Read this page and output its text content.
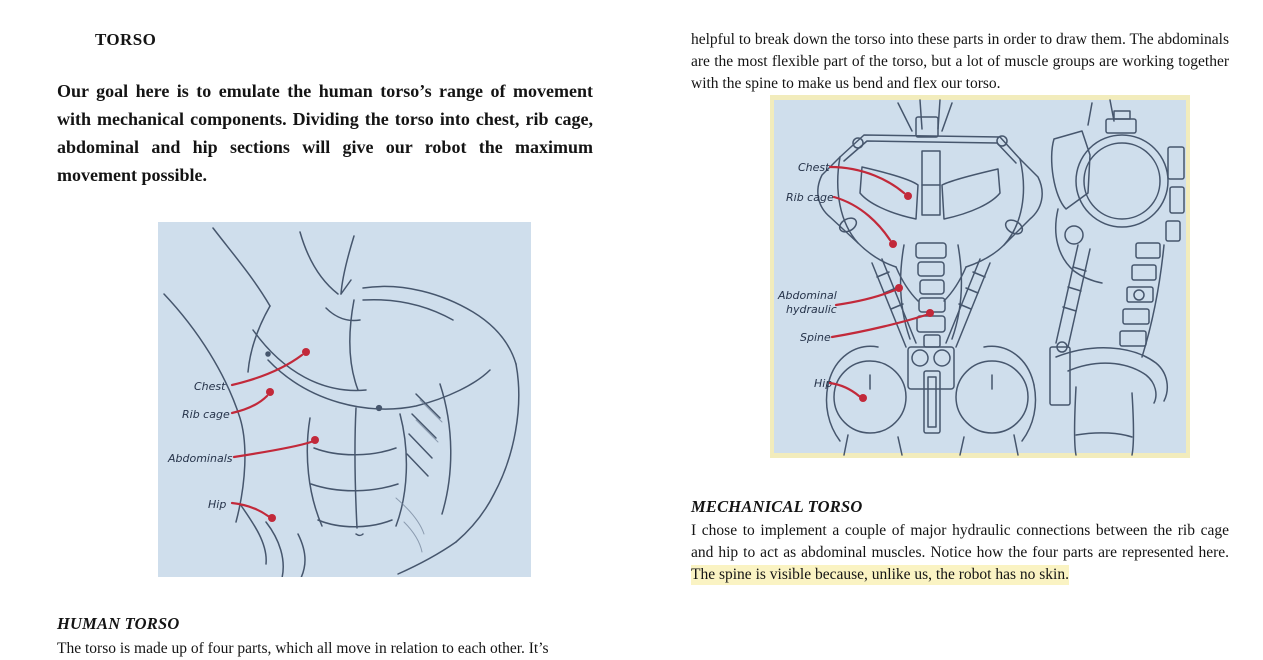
TORSO

Our goal here is to emulate the human torso’s range of movement with mechanical components. Dividing the torso into chest, rib cage, abdominal and hip sections will give our robot the maximum movement possible.

Chest
Rib cage
Abdominals
Hip
HUMAN TORSO

The torso is made up of four parts, which all move in relation to each other. It’s

helpful to break down the torso into these parts in order to draw them. The abdominals are the most flexible part of the torso, but a lot of muscle groups are working together with the spine to make us bend and flex our torso.

Chest
Rib cage
Abdominal
hydraulic
Spine
Hip
MECHANICAL TORSO

I chose to implement a couple of major hydraulic connections between the rib cage and hip to act as abdominal muscles. Notice how the four parts are represented here. The spine is visible because, unlike us, the robot has no skin.
